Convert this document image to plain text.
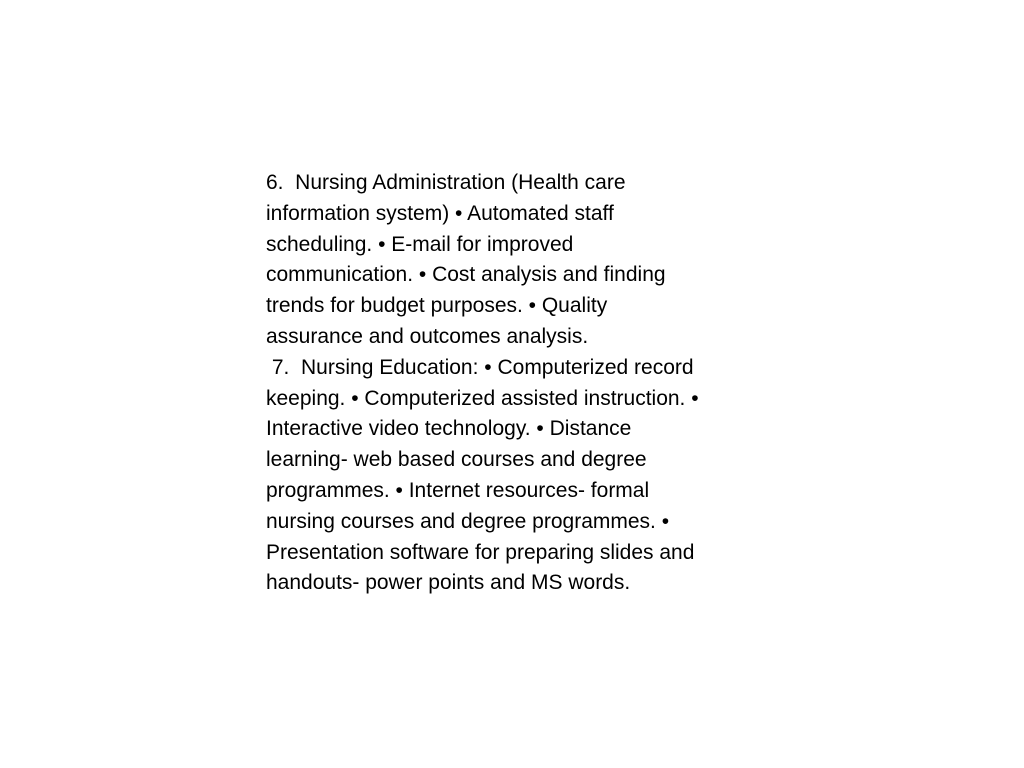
6.  Nursing Administration (Health care
information system) • Automated staff
scheduling. • E-mail for improved
communication. • Cost analysis and finding
trends for budget purposes. • Quality
assurance and outcomes analysis.
7.  Nursing Education: • Computerized record
keeping. • Computerized assisted instruction. •
Interactive video technology. • Distance
learning- web based courses and degree
programmes. • Internet resources- formal
nursing courses and degree programmes. •
Presentation software for preparing slides and
handouts- power points and MS words.
